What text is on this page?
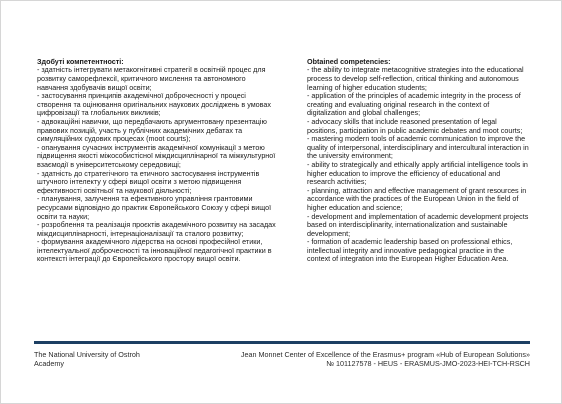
Здобуті компетентності:
- здатність інтегрувати метакогнітивні стратегії в освітній процес для розвитку саморефлексії, критичного мислення та автономного навчання здобувачів вищої освіти;
- застосування принципів академічної доброчесності у процесі створення та оцінювання оригінальних наукових досліджень в умовах цифровізації та глобальних викликів;
- адвокаційні навички, що передбачають аргументовану презентацію правових позицій, участь у публічних академічних дебатах та симуляційних судових процесах (moot courts);
- опанування сучасних інструментів академічної комунікації з метою підвищення якості міжособистісної міждисциплінарної та міжкультурної взаємодії в університетському середовищі;
- здатність до стратегічного та етичного застосування інструментів штучного інтелекту у сфері вищої освіти з метою підвищення ефективності освітньої та наукової діяльності;
- планування, залучення та ефективного управління грантовими ресурсами відповідно до практик Європейського Союзу у сфері вищої освіти та науки;
- розроблення та реалізація проєктів академічного розвитку на засадах міждисциплінарності, інтернаціоналізації та сталого розвитку;
- формування академічного лідерства на основі професійної етики, інтелектуальної доброчесності та інноваційної педагогічної практики в контексті інтеграції до Європейського простору вищої освіти.
Obtained competencies:
- the ability to integrate metacognitive strategies into the educational process to develop self-reflection, critical thinking and autonomous learning of higher education students;
- application of the principles of academic integrity in the process of creating and evaluating original research in the context of digitalization and global challenges;
- advocacy skills that include reasoned presentation of legal positions, participation in public academic debates and moot courts;
- mastering modern tools of academic communication to improve the quality of interpersonal, interdisciplinary and intercultural interaction in the university environment;
- ability to strategically and ethically apply artificial intelligence tools in higher education to improve the efficiency of educational and research activities;
- planning, attraction and effective management of grant resources in accordance with the practices of the European Union in the field of higher education and science;
- development and implementation of academic development projects based on interdisciplinarity, internationalization and sustainable development;
- formation of academic leadership based on professional ethics, intellectual integrity and innovative pedagogical practice in the context of integration into the European Higher Education Area.
The National University of Ostroh Academy
Jean Monnet Center of Excellence of the Erasmus+ program «Hub of European Solutions»
№ 101127578 - HEUS - ERASMUS-JMO-2023-HEI-TCH-RSCH
